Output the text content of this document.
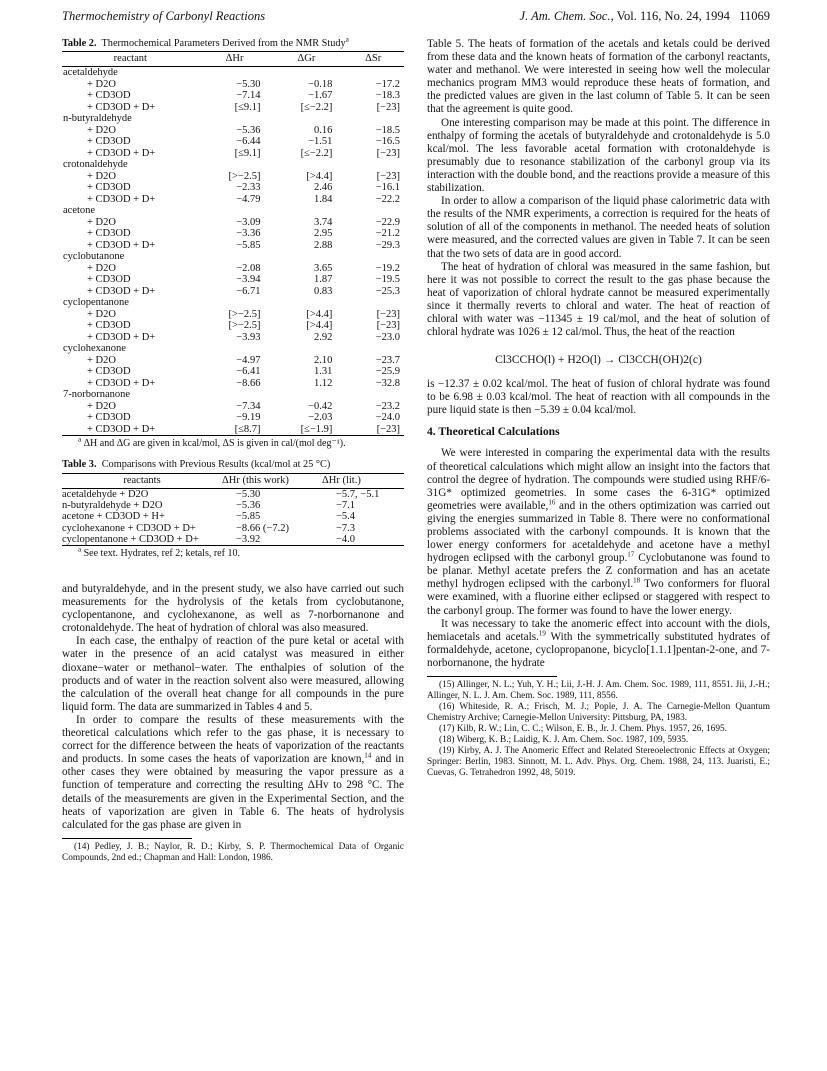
Thermochemistry of Carbonyl Reactions	J. Am. Chem. Soc., Vol. 116, No. 24, 1994 11069
Table 2. Thermochemical Parameters Derived from the NMR Study$^a$
reactant	ΔHr	ΔGr	ΔSr
acetaldehyde			
+ D2O	−5.30	−0.18	−17.2
+ CD3OD	−7.14	−1.67	−18.3
+ CD3OD + D+	[≤9.1]	[≤−2.2]	[−23]
n-butyraldehyde			
+ D2O	−5.36	0.16	−18.5
+ CD3OD	−6.44	−1.51	−16.5
+ CD3OD + D+	[≤9.1]	[≤−2.2]	[−23]
crotonaldehyde			
+ D2O	[>−2.5]	[>4.4]	[−23]
+ CD3OD	−2.33	2.46	−16.1
+ CD3OD + D+	−4.79	1.84	−22.2
acetone			
+ D2O	−3.09	3.74	−22.9
+ CD3OD	−3.36	2.95	−21.2
+ CD3OD + D+	−5.85	2.88	−29.3
cyclobutanone			
+ D2O	−2.08	3.65	−19.2
+ CD3OD	−3.94	1.87	−19.5
+ CD3OD + D+	−6.71	0.83	−25.3
cyclopentanone			
+ D2O	[>−2.5]	[>4.4]	[−23]
+ CD3OD	[>−2.5]	[>4.4]	[−23]
+ CD3OD + D+	−3.93	2.92	−23.0
cyclohexanone			
+ D2O	−4.97	2.10	−23.7
+ CD3OD	−6.41	1.31	−25.9
+ CD3OD + D+	−8.66	1.12	−32.8
7-norbornanone			
+ D2O	−7.34	−0.42	−23.2
+ CD3OD	−9.19	−2.03	−24.0
+ CD3OD + D+	[≤8.7]	[≤−1.9]	[−23]
$^a$ ΔH and ΔG are given in kcal/mol, ΔS is given in cal/(mol deg⁻¹).
Table 3. Comparisons with Previous Results (kcal/mol at 25 °C)
reactants	ΔHr (this work)	ΔHr (lit.)
acetaldehyde + D2O	−5.30	−5.7, −5.1
n-butyraldehyde + D2O	−5.36	−7.1
acetone + CD3OD + H+	−5.85	−5.4
cyclohexanone + CD3OD + D+	−8.66 (−7.2)	−7.3
cyclopentanone + CD3OD + D+	−3.92	−4.0
$^a$ See text. Hydrates, ref 2; ketals, ref 10.

and butyraldehyde, and in the present study, we also have carried out such measurements for the hydrolysis of the ketals from cyclobutanone, cyclopentanone, and cyclohexanone, as well as 7-norbornanone and crotonaldehyde. The heat of hydration of chloral was also measured.

In each case, the enthalpy of reaction of the pure ketal or acetal with water in the presence of an acid catalyst was measured in either dioxane−water or methanol−water. The enthalpies of solution of the products and of water in the reaction solvent also were measured, allowing the calculation of the overall heat change for all compounds in the pure liquid form. The data are summarized in Tables 4 and 5.

In order to compare the results of these measurements with the theoretical calculations which refer to the gas phase, it is necessary to correct for the difference between the heats of vaporization of the reactants and products. In some cases the heats of vaporization are known,$^{14}$ and in other cases they were obtained by measuring the vapor pressure as a function of temperature and correcting the resulting ΔHv to 298 °C. The details of the measurements are given in the Experimental Section, and the heats of vaporization are given in Table 6. The heats of hydrolysis calculated for the gas phase are given in

(14) Pedley, J. B.; Naylor, R. D.; Kirby, S. P. Thermochemical Data of Organic Compounds, 2nd ed.; Chapman and Hall: London, 1986.

Table 5. The heats of formation of the acetals and ketals could be derived from these data and the known heats of formation of the carbonyl reactants, water and methanol. We were interested in seeing how well the molecular mechanics program MM3 would reproduce these heats of formation, and the predicted values are given in the last column of Table 5. It can be seen that the agreement is quite good.

One interesting comparison may be made at this point. The difference in enthalpy of forming the acetals of butyraldehyde and crotonaldehyde is 5.0 kcal/mol. The less favorable acetal formation with crotonaldehyde is presumably due to resonance stabilization of the carbonyl group via its interaction with the double bond, and the reactions provide a measure of this stabilization.

In order to allow a comparison of the liquid phase calorimetric data with the results of the NMR experiments, a correction is required for the heats of solution of all of the components in methanol. The needed heats of solution were measured, and the corrected values are given in Table 7. It can be seen that the two sets of data are in good accord.

The heat of hydration of chloral was measured in the same fashion, but here it was not possible to correct the result to the gas phase because the heat of vaporization of chloral hydrate cannot be measured experimentally since it thermally reverts to chloral and water. The heat of reaction of chloral with water was −11345 ± 19 cal/mol, and the heat of solution of chloral hydrate was 1026 ± 12 cal/mol. Thus, the heat of the reaction

Cl3CCHO(l) + H2O(l) → Cl3CCH(OH)2(c)

is −12.37 ± 0.02 kcal/mol. The heat of fusion of chloral hydrate was found to be 6.98 ± 0.03 kcal/mol. The heat of reaction with all compounds in the pure liquid state is then −5.39 ± 0.04 kcal/mol.

4. Theoretical Calculations

We were interested in comparing the experimental data with the results of theoretical calculations which might allow an insight into the factors that control the degree of hydration. The compounds were studied using RHF/6-31G* optimized geometries. In some cases the 6-31G* optimized geometries were available,$^{16}$ and in the others optimization was carried out giving the energies summarized in Table 8. There were no conformational problems associated with the carbonyl compounds. It is known that the lower energy conformers for acetaldehyde and acetone have a methyl hydrogen eclipsed with the carbonyl group.$^{17}$ Cyclobutanone was found to be planar. Methyl acetate prefers the Z conformation and has an acetate methyl hydrogen eclipsed with the carbonyl.$^{18}$ Two conformers for fluoral were examined, with a fluorine either eclipsed or staggered with respect to the carbonyl group. The former was found to have the lower energy.

It was necessary to take the anomeric effect into account with the diols, hemiacetals and acetals.$^{19}$ With the symmetrically substituted hydrates of formaldehyde, acetone, cyclopropanone, bicyclo[1.1.1]pentan-2-one, and 7-norbornanone, the hydrate

(15) Allinger, N. L.; Yuh, Y. H.; Lii, J.-H. J. Am. Chem. Soc. 1989, 111, 8551. Jii, J.-H.; Allinger, N. L. J. Am. Chem. Soc. 1989, 111, 8556.

(16) Whiteside, R. A.; Frisch, M. J.; Pople, J. A. The Carnegie-Mellon Quantum Chemistry Archive; Carnegie-Mellon University: Pittsburg, PA, 1983.

(17) Kilb, R. W.; Lin, C. C.; Wilson, E. B., Jr. J. Chem. Phys. 1957, 26, 1695.

(18) Wiberg, K. B.; Laidig, K. J. Am. Chem. Soc. 1987, 109, 5935.

(19) Kirby, A. J. The Anomeric Effect and Related Stereoelectronic Effects at Oxygen; Springer: Berlin, 1983. Sinnott, M. L. Adv. Phys. Org. Chem. 1988, 24, 113. Juaristi, E.; Cuevas, G. Tetrahedron 1992, 48, 5019.
